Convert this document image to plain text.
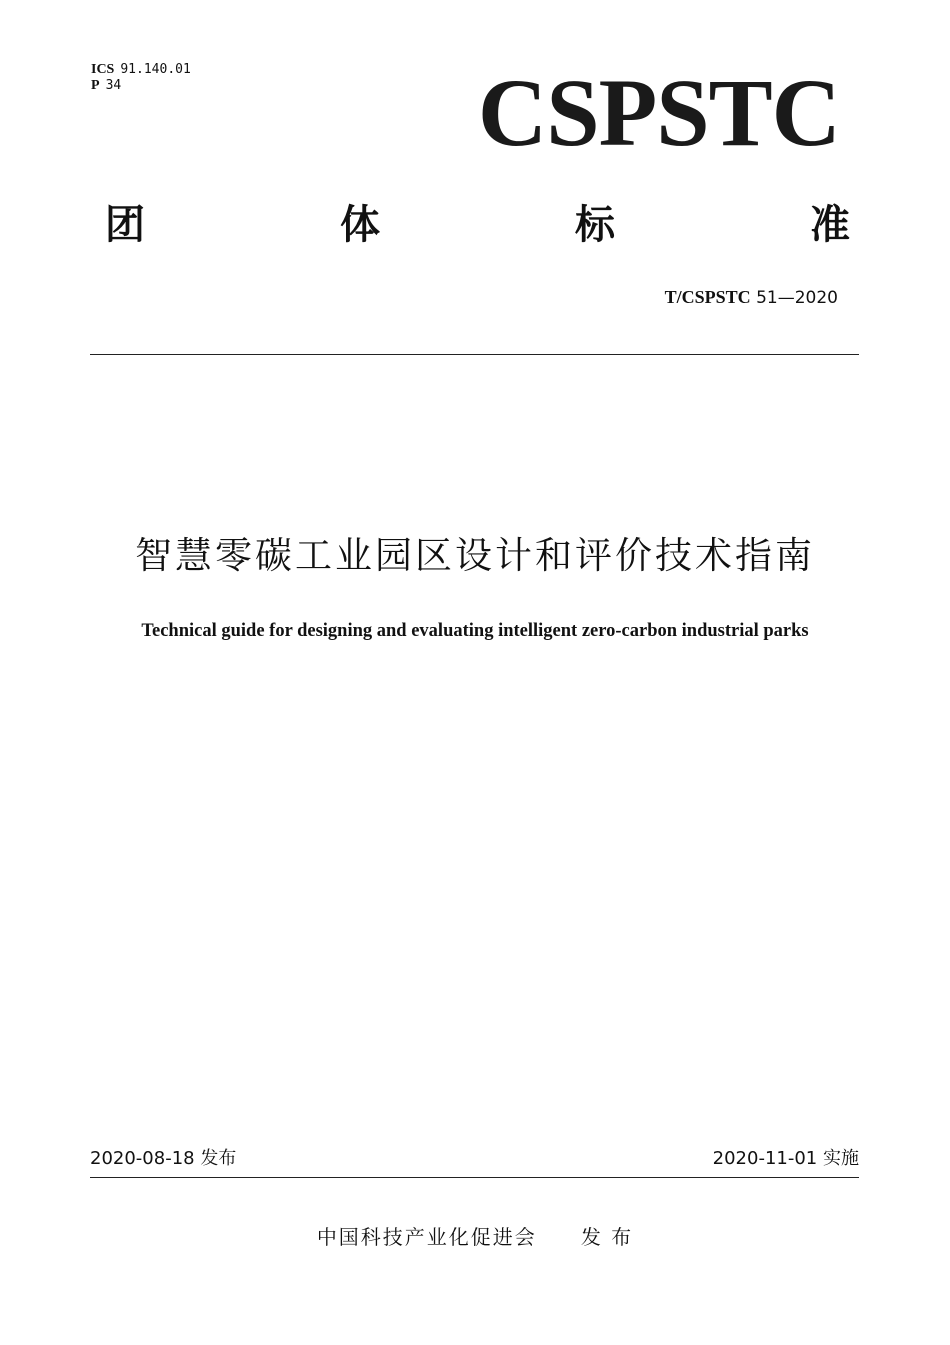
ICS 91.140.01
P 34	CSPSTC
团	体	标	准
T/CSPSTC 51—2020
智慧零碳工业园区设计和评价技术指南
Technical guide for designing and evaluating intelligent zero-carbon industrial parks
2020-08-18 发布	2020-11-01 实施
中国科技产业化促进会 发 布
